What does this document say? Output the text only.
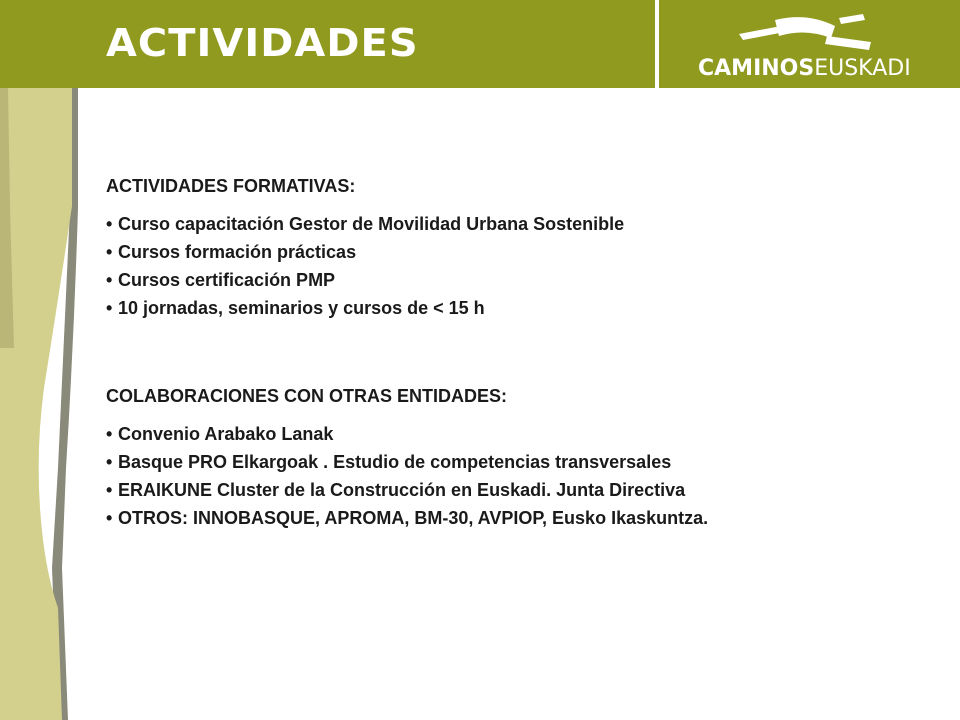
ACTIVIDADES
CAMINOSEUSKADI
ACTIVIDADES FORMATIVAS:
• Curso capacitación Gestor de Movilidad Urbana Sostenible
• Cursos formación prácticas
• Cursos certificación PMP
• 10 jornadas, seminarios y cursos de < 15 h
COLABORACIONES CON OTRAS ENTIDADES:
• Convenio Arabako Lanak
• Basque PRO Elkargoak . Estudio de competencias transversales
• ERAIKUNE Cluster de la Construcción en Euskadi. Junta Directiva
• OTROS: INNOBASQUE, APROMA, BM-30, AVPIOP, Eusko Ikaskuntza.
